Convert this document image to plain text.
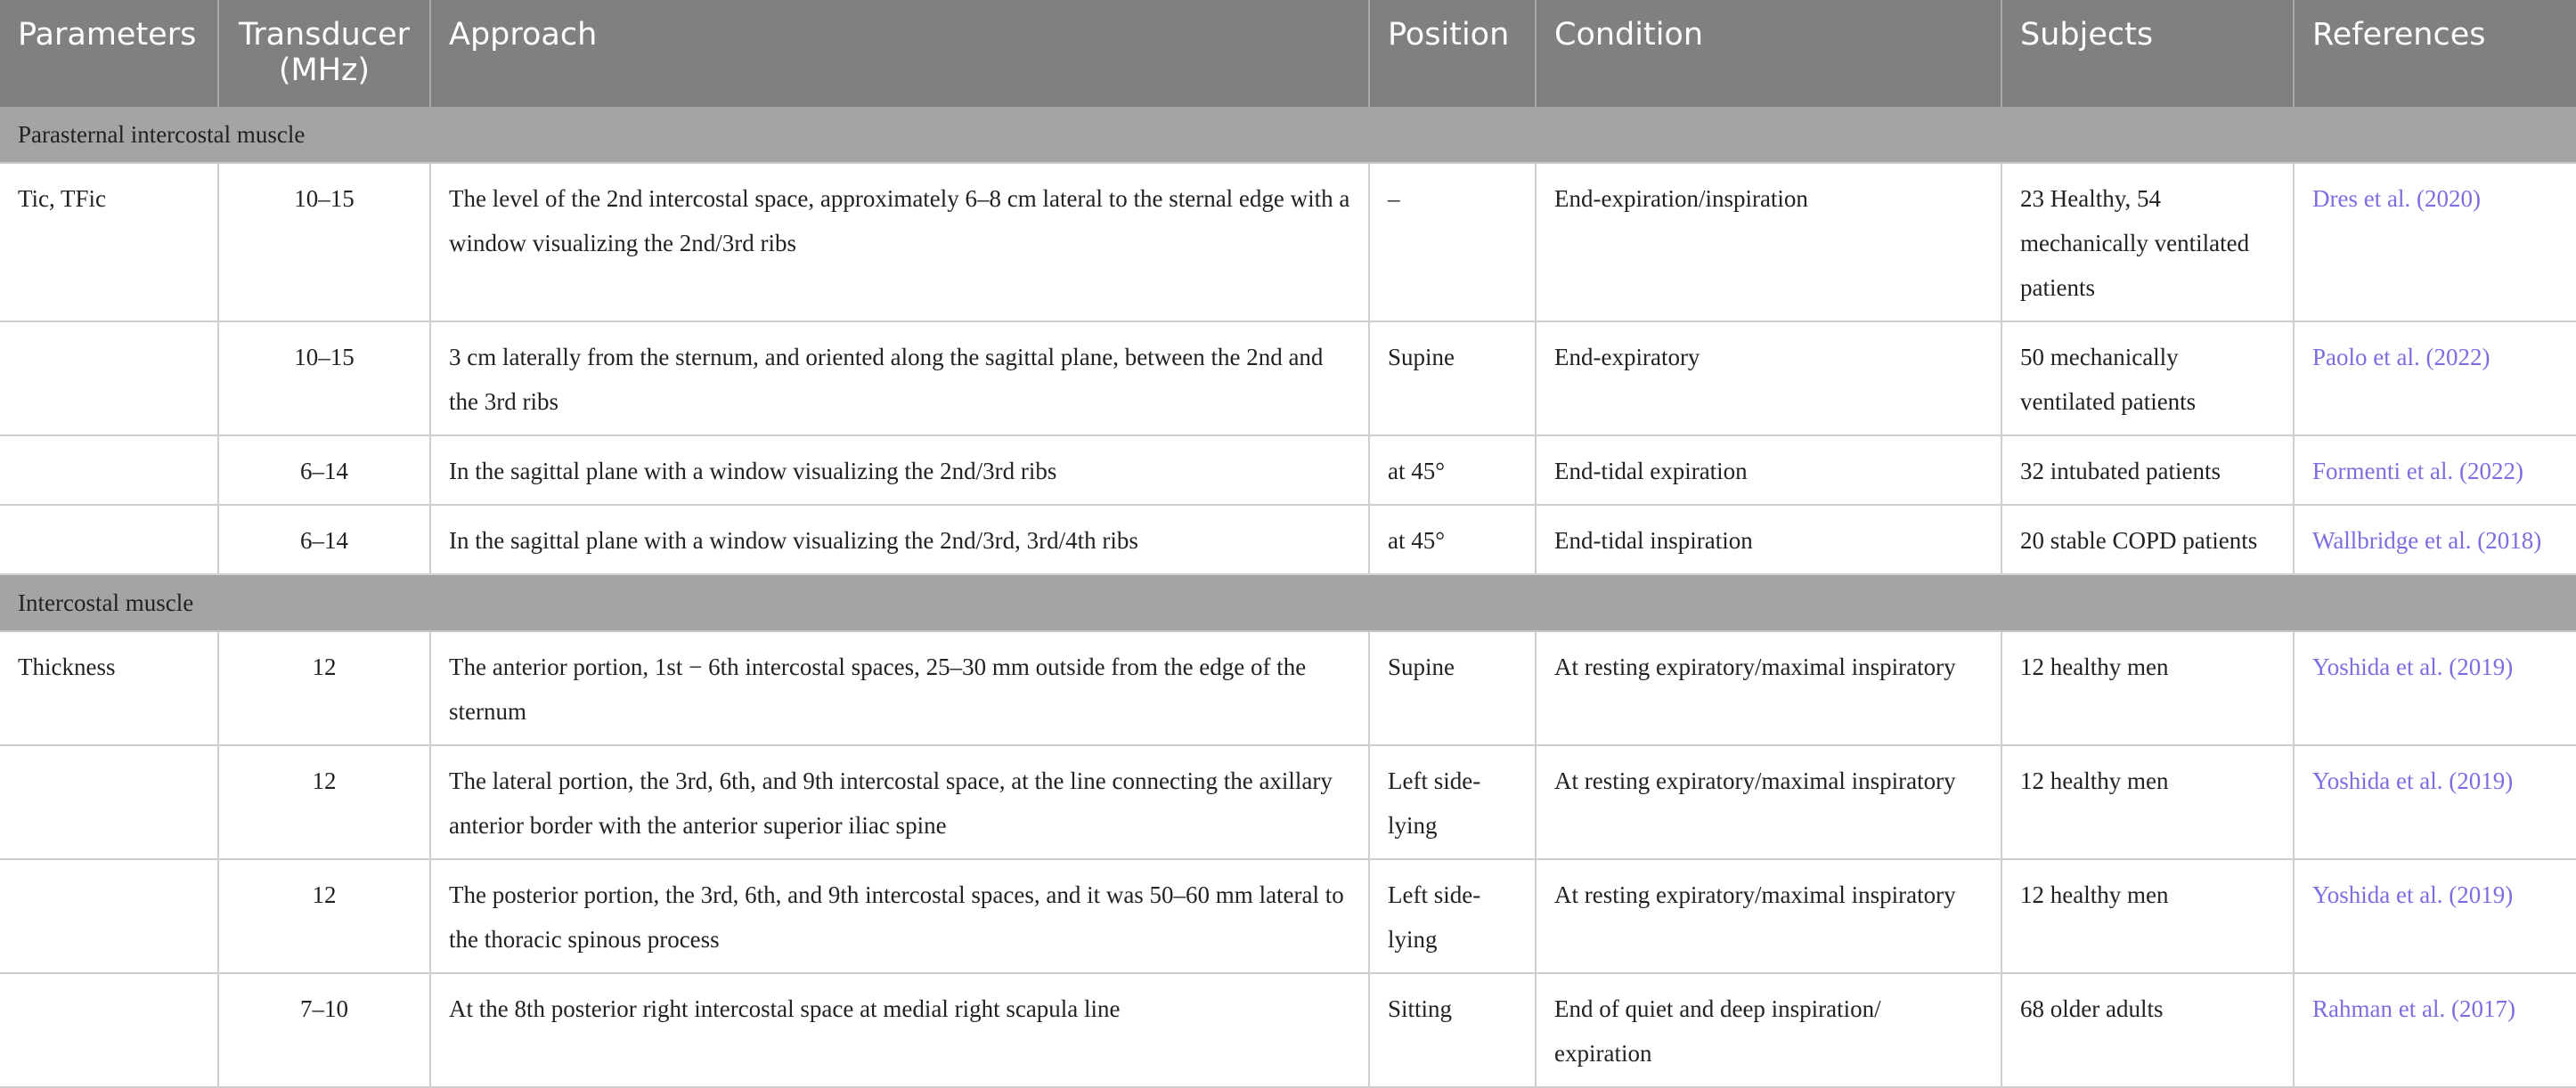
Parameters	Transducer (MHz)	Approach	Position	Condition	Subjects	References
Parasternal intercostal muscle						
Tic, TFic	10–15	The level of the 2nd intercostal space, approximately 6–8 cm lateral to the sternal edge with a window visualizing the 2nd/3rd ribs	–	End-expiration/inspiration	23 Healthy, 54 mechanically ventilated patients	Dres et al. (2020)
	10–15	3 cm laterally from the sternum, and oriented along the sagittal plane, between the 2nd and the 3rd ribs	Supine	End-expiratory	50 mechanically ventilated patients	Paolo et al. (2022)
	6–14	In the sagittal plane with a window visualizing the 2nd/3rd ribs	at 45°	End-tidal expiration	32 intubated patients	Formenti et al. (2022)
	6–14	In the sagittal plane with a window visualizing the 2nd/3rd, 3rd/4th ribs	at 45°	End-tidal inspiration	20 stable COPD patients	Wallbridge et al. (2018)
Intercostal muscle						
Thickness	12	The anterior portion, 1st − 6th intercostal spaces, 25–30 mm outside from the edge of the sternum	Supine	At resting expiratory/maximal inspiratory	12 healthy men	Yoshida et al. (2019)
	12	The lateral portion, the 3rd, 6th, and 9th intercostal space, at the line connecting the axillary anterior border with the anterior superior iliac spine	Left side-lying	At resting expiratory/maximal inspiratory	12 healthy men	Yoshida et al. (2019)
	12	The posterior portion, the 3rd, 6th, and 9th intercostal spaces, and it was 50–60 mm lateral to the thoracic spinous process	Left side-lying	At resting expiratory/maximal inspiratory	12 healthy men	Yoshida et al. (2019)
	7–10	At the 8th posterior right intercostal space at medial right scapula line	Sitting	End of quiet and deep inspiration/ expiration	68 older adults	Rahman et al. (2017)
